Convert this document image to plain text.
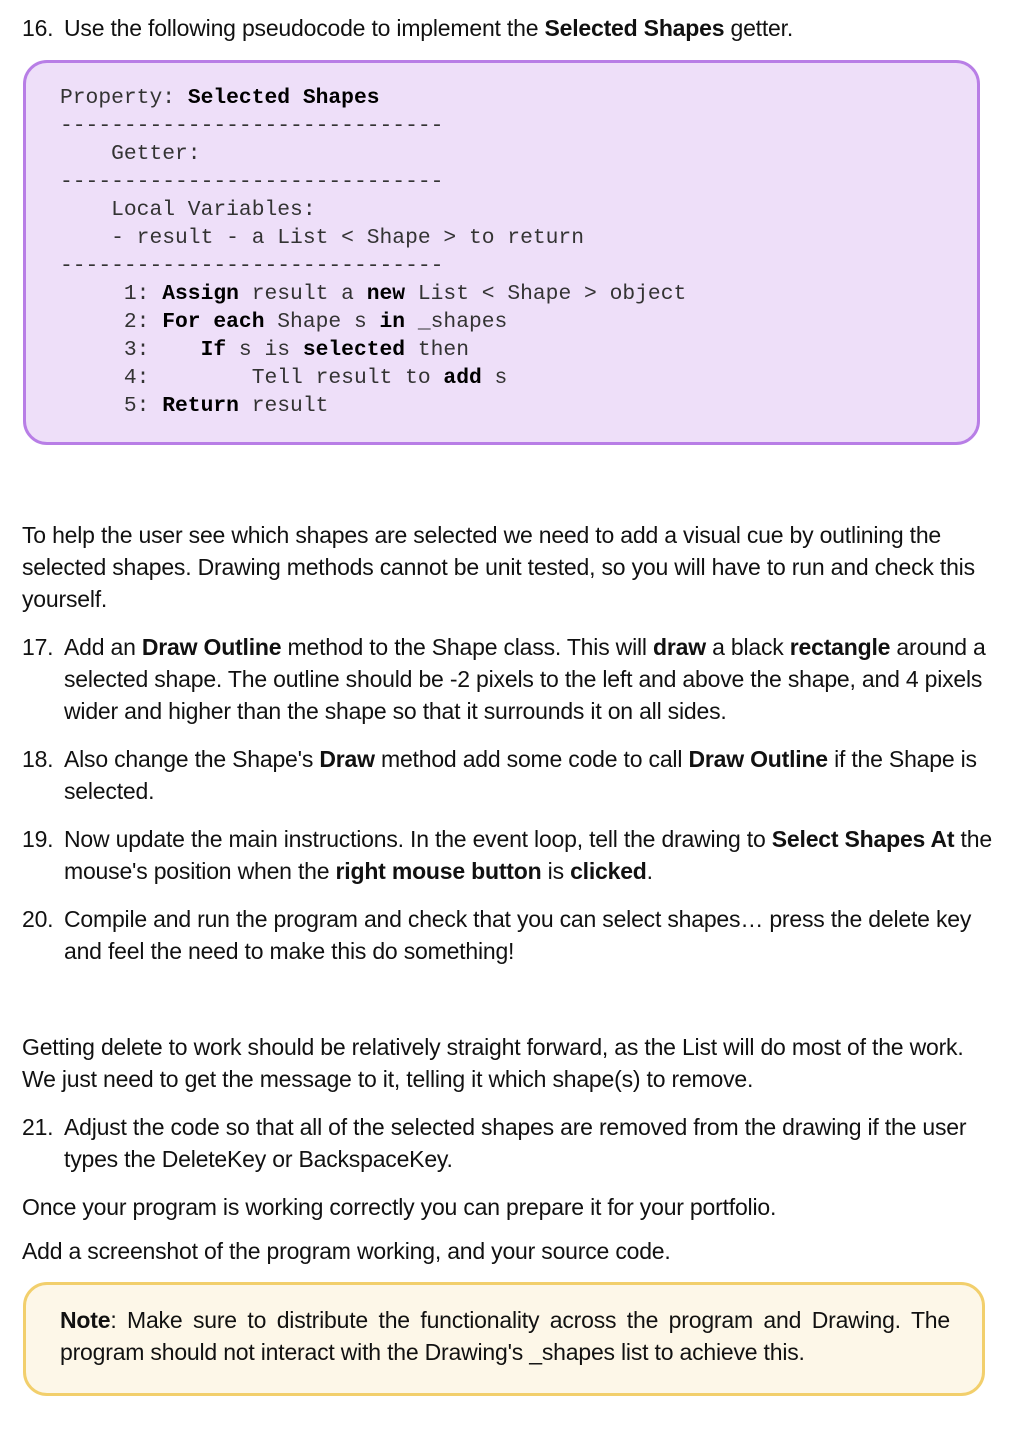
16. Use the following pseudocode to implement the Selected Shapes getter.
Property: Selected Shapes
------------------------------
Getter:
------------------------------
Local Variables:
- result - a List < Shape > to return
------------------------------
1: Assign result a new List < Shape > object
2: For each Shape s in _shapes
3:    If s is selected then
4:        Tell result to add s
5: Return result
To help the user see which shapes are selected we need to add a visual cue by outlining the selected shapes. Drawing methods cannot be unit tested, so you will have to run and check this yourself.
17. Add an Draw Outline method to the Shape class. This will draw a black rectangle around a selected shape. The outline should be -2 pixels to the left and above the shape, and 4 pixels wider and higher than the shape so that it surrounds it on all sides.
18. Also change the Shape's Draw method add some code to call Draw Outline if the Shape is selected.
19. Now update the main instructions. In the event loop, tell the drawing to Select Shapes At the mouse's position when the right mouse button is clicked.
20. Compile and run the program and check that you can select shapes… press the delete key and feel the need to make this do something!
Getting delete to work should be relatively straight forward, as the List will do most of the work. We just need to get the message to it, telling it which shape(s) to remove.
21. Adjust the code so that all of the selected shapes are removed from the drawing if the user types the DeleteKey or BackspaceKey.
Once your program is working correctly you can prepare it for your portfolio.
Add a screenshot of the program working, and your source code.
Note: Make sure to distribute the functionality across the program and Drawing. The program should not interact with the Drawing's _shapes list to achieve this.
